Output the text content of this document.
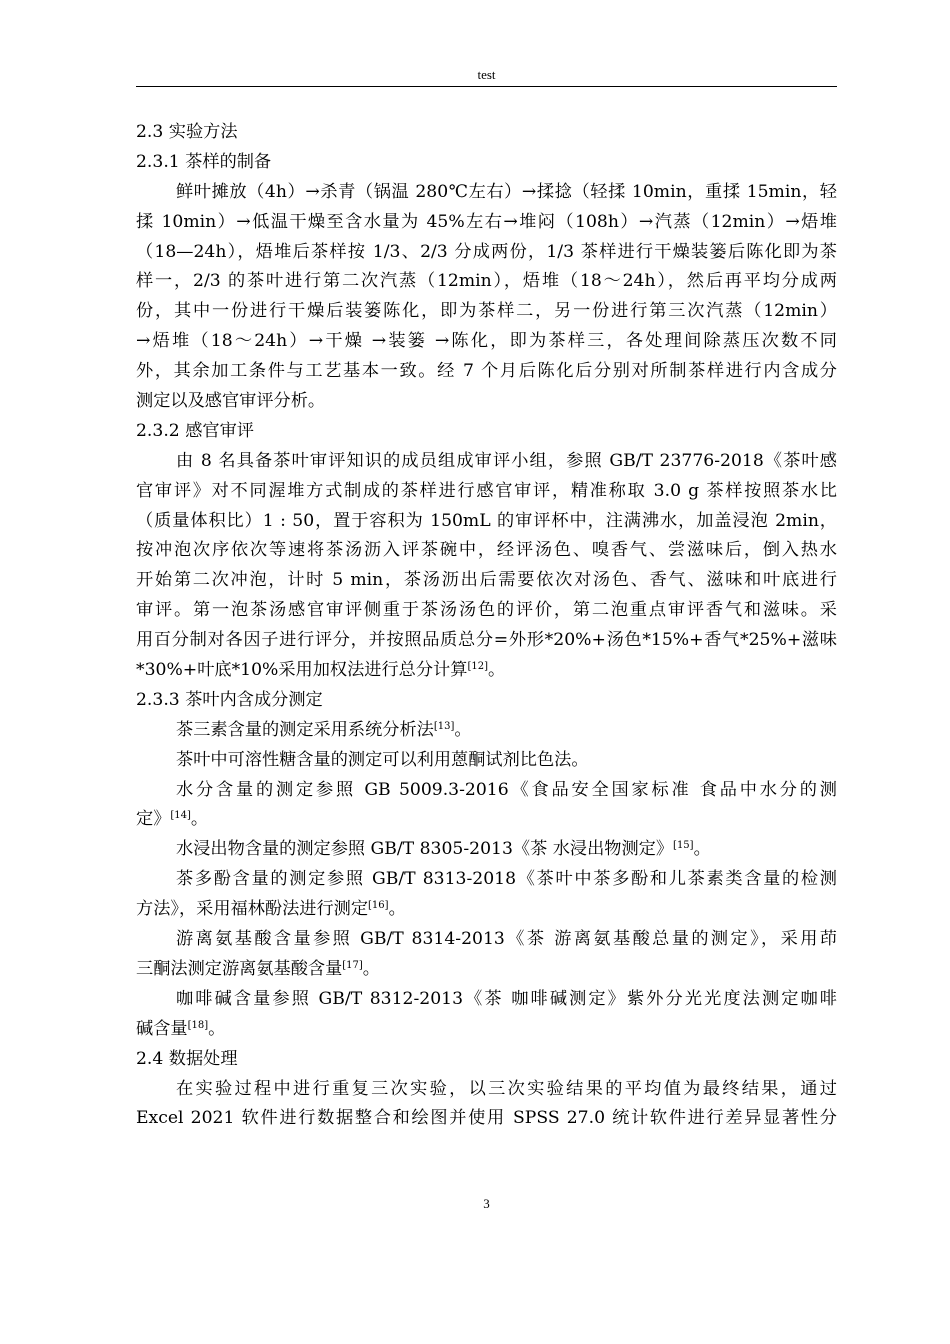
test
2.3 实验方法
2.3.1 茶样的制备
鲜叶摊放（4h）→杀青（锅温 280℃左右）→揉捻（轻揉 10min，重揉 15min，轻
揉 10min）→低温干燥至含水量为 45%左右→堆闷（108h）→汽蒸（12min）→焐堆
（18—24h），焐堆后茶样按 1/3、2/3 分成两份，1/3 茶样进行干燥装篓后陈化即为茶
样一，2/3 的茶叶进行第二次汽蒸（12min），焐堆（18～24h），然后再平均分成两
份，其中一份进行干燥后装篓陈化，即为茶样二，另一份进行第三次汽蒸（12min）
→焐堆（18～24h）→干燥 →装篓 →陈化，即为茶样三，各处理间除蒸压次数不同
外，其余加工条件与工艺基本一致。经 7 个月后陈化后分别对所制茶样进行内含成分
测定以及感官审评分析。
2.3.2 感官审评
由 8 名具备茶叶审评知识的成员组成审评小组，参照 GB/T 23776-2018《茶叶感
官审评》对不同渥堆方式制成的茶样进行感官审评，精准称取 3.0 g 茶样按照茶水比
（质量体积比）1 : 50，置于容积为 150mL 的审评杯中，注满沸水，加盖浸泡 2min，
按冲泡次序依次等速将茶汤沥入评茶碗中，经评汤色、嗅香气、尝滋味后，倒入热水
开始第二次冲泡，计时 5 min，茶汤沥出后需要依次对汤色、香气、滋味和叶底进行
审评。第一泡茶汤感官审评侧重于茶汤汤色的评价，第二泡重点审评香气和滋味。采
用百分制对各因子进行评分，并按照品质总分=外形*20%+汤色*15%+香气*25%+滋味
*30%+叶底*10%采用加权法进行总分计算[12]。
2.3.3 茶叶内含成分测定
茶三素含量的测定采用系统分析法[13]。
茶叶中可溶性糖含量的测定可以利用蒽酮试剂比色法。
水分含量的测定参照 GB 5009.3-2016《食品安全国家标准 食品中水分的测
定》[14]。
水浸出物含量的测定参照 GB/T 8305-2013《茶 水浸出物测定》[15]。
茶多酚含量的测定参照 GB/T 8313-2018《茶叶中茶多酚和儿茶素类含量的检测
方法》，采用福林酚法进行测定[16]。
游离氨基酸含量参照 GB/T 8314-2013《茶 游离氨基酸总量的测定》，采用茚
三酮法测定游离氨基酸含量[17]。
咖啡碱含量参照 GB/T 8312-2013《茶 咖啡碱测定》紫外分光光度法测定咖啡
碱含量[18]。
2.4 数据处理
在实验过程中进行重复三次实验，以三次实验结果的平均值为最终结果，通过
Excel 2021 软件进行数据整合和绘图并使用 SPSS 27.0 统计软件进行差异显著性分
3
